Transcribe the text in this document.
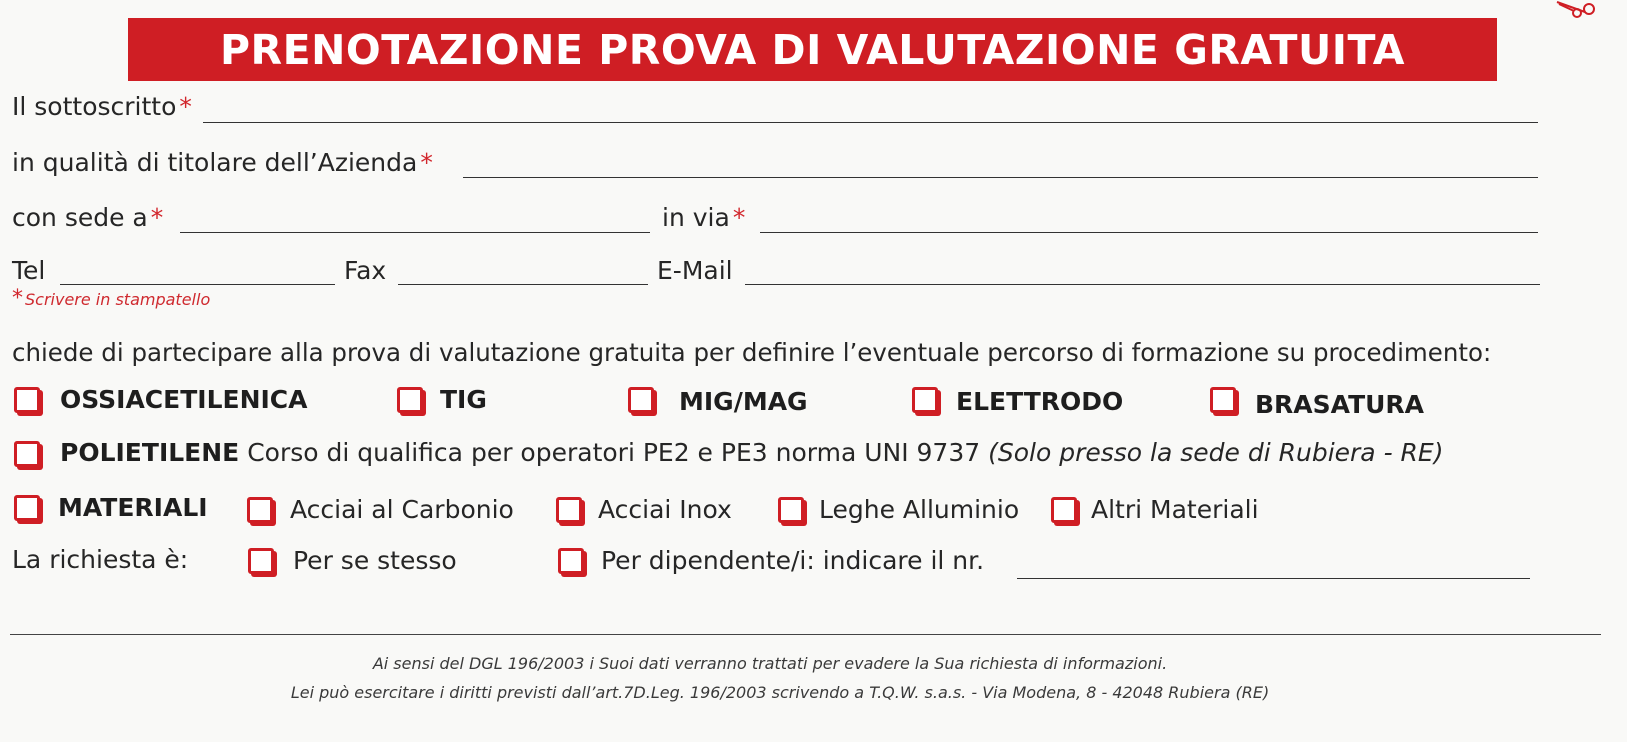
PRENOTAZIONE PROVA DI VALUTAZIONE GRATUITA
Il sottoscritto *
in qualità di titolare dell’Azienda *
con sede a *	in via *
Tel	Fax	E-Mail
* Scrivere in stampatello
chiede di partecipare alla prova di valutazione gratuita per definire l’eventuale percorso di formazione su procedimento:
OSSIACETILENICA	TIG	MIG/MAG	ELETTRODO	BRASATURA
POLIETILENE Corso di qualifica per operatori PE2 e PE3 norma UNI 9737 (Solo presso la sede di Rubiera - RE)
MATERIALI	Acciai al Carbonio	Acciai Inox	Leghe Alluminio	Altri Materiali
La richiesta è:	Per se stesso	Per dipendente/i: indicare il nr.
Ai sensi del DGL 196/2003 i Suoi dati verranno trattati per evadere la Sua richiesta di informazioni.
Lei può esercitare i diritti previsti dall’art.7D.Leg. 196/2003 scrivendo a T.Q.W. s.a.s. - Via Modena, 8 - 42048 Rubiera (RE)
